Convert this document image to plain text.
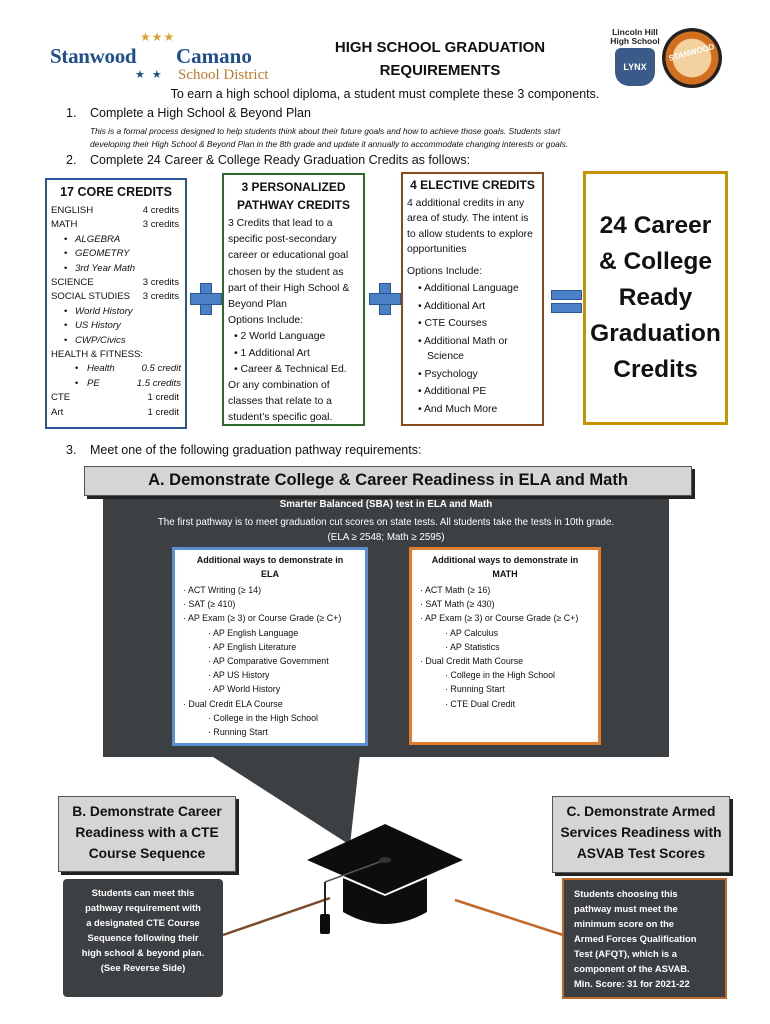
★★★
Stanwood Camano
★ ★ School District
HIGH SCHOOL GRADUATION
REQUIREMENTS
Lincoln Hill
High School
LYNX
STANWOOD
To earn a high school diploma, a student must complete these 3 components.
1. Complete a High School & Beyond Plan
This is a formal process designed to help students think about their future goals and how to achieve those goals. Students start
developing their High School & Beyond Plan in the 8th grade and update it annually to accommodate changing interests or goals.
2. Complete 24 Career & College Ready Graduation Credits as follows:
17 CORE CREDITS
ENGLISH	4 credits
MATH	3 credits
• ALGEBRA
• GEOMETRY
• 3rd Year Math
SCIENCE	3 credits
SOCIAL STUDIES 3 credits
• World History
• US History
• CWP/Civics
HEALTH & FITNESS:
• Health	0.5 credit
• PE	1.5 credits
CTE	1 credit
Art	1 credit
3 PERSONALIZED
PATHWAY CREDITS
3 Credits that lead to a specific post-secondary career or educational goal chosen by the student as part of their High School & Beyond Plan
Options Include:
• 2 World Language
• 1 Additional Art
• Career & Technical Ed.
Or any combination of classes that relate to a student’s specific goal.
4 ELECTIVE CREDITS
4 additional credits in any area of study. The intent is to allow students to explore opportunities
Options Include:
• Additional Language
• Additional Art
• CTE Courses
• Additional Math or Science
• Psychology
• Additional PE
• And Much More
24 Career
& College
Ready
Graduation
Credits
3. Meet one of the following graduation pathway requirements:
A. Demonstrate College & Career Readiness in ELA and Math
Smarter Balanced (SBA) test in ELA and Math
The first pathway is to meet graduation cut scores on state tests. All students take the tests in 10th grade.
(ELA ≥ 2548; Math ≥ 2595)
Additional ways to demonstrate in
ELA
· ACT Writing (≥ 14)
· SAT (≥ 410)
· AP Exam (≥ 3) or Course Grade (≥ C+)
· AP English Language
· AP English Literature
· AP Comparative Government
· AP US History
· AP World History
· Dual Credit ELA Course
· College in the High School
· Running Start
Additional ways to demonstrate in
MATH
· ACT Math (≥ 16)
· SAT Math (≥ 430)
· AP Exam (≥ 3) or Course Grade (≥ C+)
· AP Calculus
· AP Statistics
· Dual Credit Math Course
· College in the High School
· Running Start
· CTE Dual Credit
B. Demonstrate Career
Readiness with a CTE
Course Sequence
Students can meet this
pathway requirement with
a designated CTE Course
Sequence following their
high school & beyond plan.
(See Reverse Side)
C. Demonstrate Armed
Services Readiness with
ASVAB Test Scores
Students choosing this
pathway must meet the
minimum score on the
Armed Forces Qualification
Test (AFQT), which is a
component of the ASVAB.
Min. Score: 31 for 2021-22
